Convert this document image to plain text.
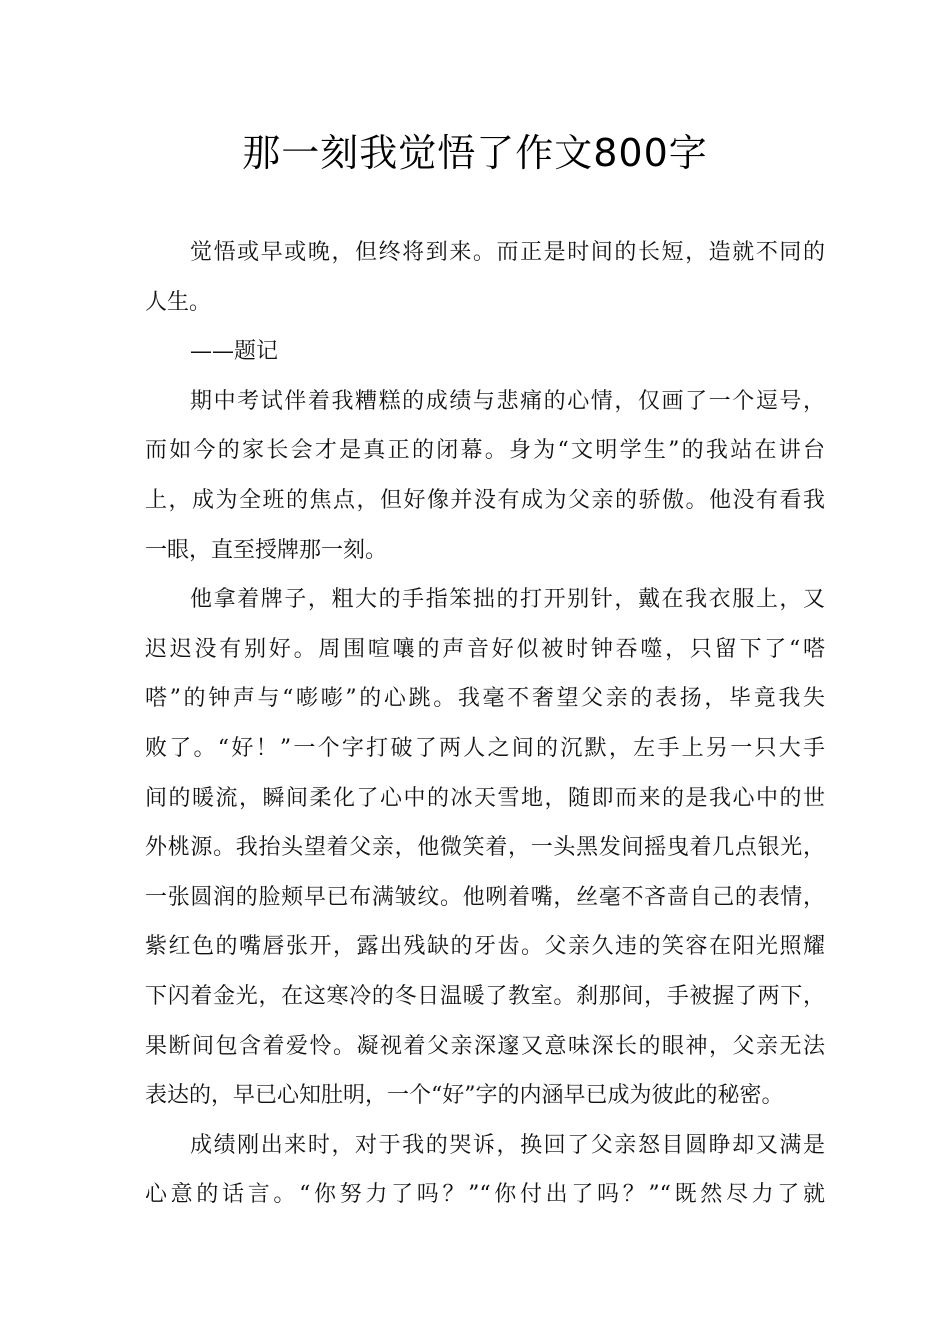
那一刻我觉悟了作文800字
觉悟或早或晚，但终将到来。而正是时间的长短，造就不同的
人生。
——题记
期中考试伴着我糟糕的成绩与悲痛的心情，仅画了一个逗号，
而如今的家长会才是真正的闭幕。身为“文明学生”的我站在讲台
上，成为全班的焦点，但好像并没有成为父亲的骄傲。他没有看我
一眼，直至授牌那一刻。
他拿着牌子，粗大的手指笨拙的打开别针，戴在我衣服上，又
迟迟没有别好。周围喧嚷的声音好似被时钟吞噬，只留下了“嗒
嗒”的钟声与“嘭嘭”的心跳。我毫不奢望父亲的表扬，毕竟我失
败了。“好！”一个字打破了两人之间的沉默，左手上另一只大手
间的暖流，瞬间柔化了心中的冰天雪地，随即而来的是我心中的世
外桃源。我抬头望着父亲，他微笑着，一头黑发间摇曳着几点银光，
一张圆润的脸颊早已布满皱纹。他咧着嘴，丝毫不吝啬自己的表情，
紫红色的嘴唇张开，露出残缺的牙齿。父亲久违的笑容在阳光照耀
下闪着金光，在这寒冷的冬日温暖了教室。刹那间，手被握了两下，
果断间包含着爱怜。凝视着父亲深邃又意味深长的眼神，父亲无法
表达的，早已心知肚明，一个“好”字的内涵早已成为彼此的秘密。
成绩刚出来时，对于我的哭诉，换回了父亲怒目圆睁却又满是
心意的话言。“你努力了吗？”“你付出了吗？”“既然尽力了就
